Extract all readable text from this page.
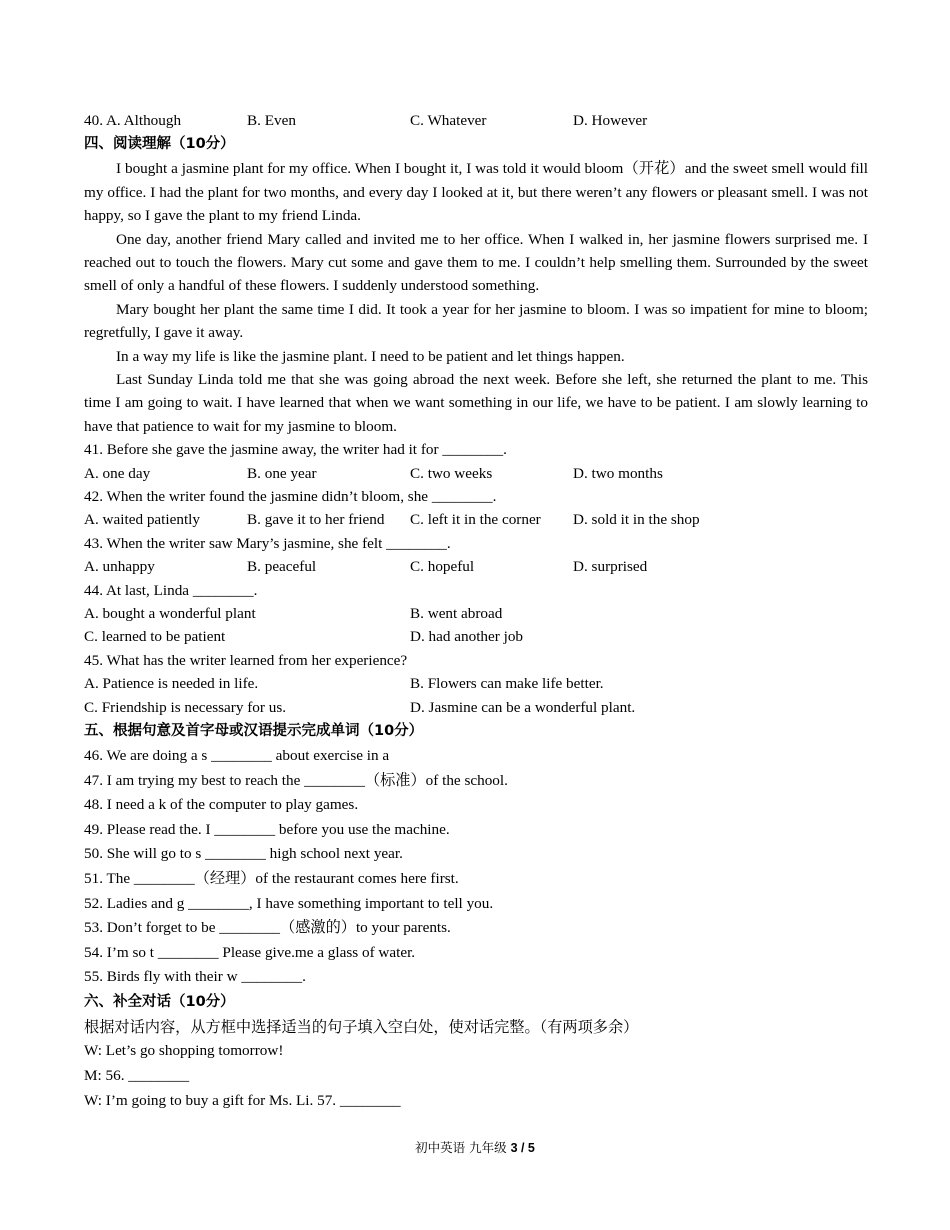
40. A. Although	B. Even	C. Whatever	D. However
四、阅读理解（10分）

I bought a jasmine plant for my office. When I bought it, I was told it would bloom（开花）and the sweet smell would fill my office. I had the plant for two months, and every day I looked at it, but there weren’t any flowers or pleasant smell. I was not happy, so I gave the plant to my friend Linda.

One day, another friend Mary called and invited me to her office. When I walked in, her jasmine flowers surprised me. I reached out to touch the flowers. Mary cut some and gave them to me. I couldn’t help smelling them. Surrounded by the sweet smell of only a handful of these flowers. I suddenly understood something.

Mary bought her plant the same time I did. It took a year for her jasmine to bloom. I was so impatient for mine to bloom; regretfully, I gave it away.

In a way my life is like the jasmine plant. I need to be patient and let things happen.

Last Sunday Linda told me that she was going abroad the next week. Before she left, she returned the plant to me. This time I am going to wait. I have learned that when we want something in our life, we have to be patient. I am slowly learning to have that patience to wait for my jasmine to bloom.

41. Before she gave the jasmine away, the writer had it for ________.
A. one day	B. one year	C. two weeks	D. two months
42. When the writer found the jasmine didn’t bloom, she ________.
A. waited patiently	B. gave it to her friend C. left it in the corner D. sold it in the shop
43. When the writer saw Mary’s jasmine, she felt ________.
A. unhappy	B. peaceful	C. hopeful	D. surprised
44. At last, Linda ________.
A. bought a wonderful plant	B. went abroad
C. learned to be patient	D. had another job
45. What has the writer learned from her experience?
A. Patience is needed in life.	B. Flowers can make life better.
C. Friendship is necessary for us.	D. Jasmine can be a wonderful plant.
五、根据句意及首字母或汉语提示完成单词（10分）
46. We are doing a s ________ about exercise in a
47. I am trying my best to reach the ________（标准）of the school.
48. I need a k of the computer to play games.
49. Please read the. I ________ before you use the machine.
50. She will go to s ________ high school next year.
51. The ________（经理）of the restaurant comes here first.
52. Ladies and g ________, I have something important to tell you.
53. Don’t forget to be ________（感激的）to your parents.
54. I’m so t ________ Please give.me a glass of water.
55. Birds fly with their w ________.
六、补全对话（10分）
根据对话内容，从方框中选择适当的句子填入空白处，使对话完整。（有两项多余）
W: Let’s go shopping tomorrow!
M: 56. ________
W: I’m going to buy a gift for Ms. Li. 57. ________
初中英语 九年级 3 / 5
